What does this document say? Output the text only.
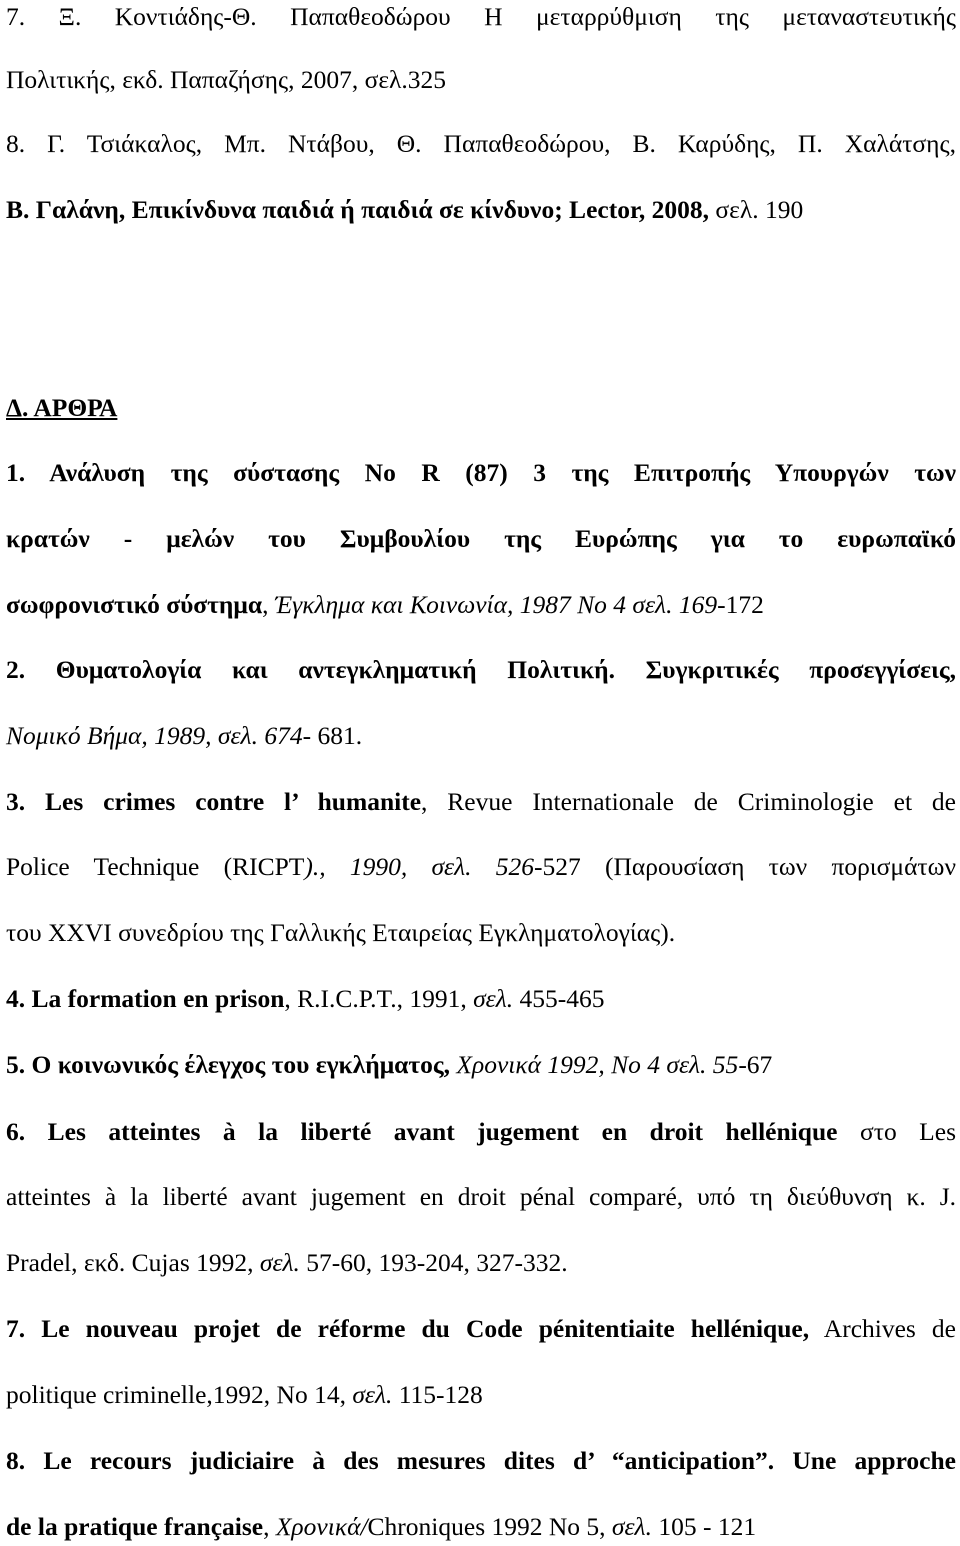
7. Ξ. Κοντιάδης-Θ. Παπαθεοδώρου Η μεταρρύθμιση της μεταναστευτικής
Πολιτικής, εκδ. Παπαζήσης, 2007, σελ.325
8. Γ. Τσιάκαλος, Μπ. Ντάβου, Θ. Παπαθεοδώρου, Β. Καρύδης, Π. Χαλάτσης,
Β. Γαλάνη, Επικίνδυνα παιδιά ή παιδιά σε κίνδυνο; Lector, 2008, σελ. 190
Δ. ΑΡΘΡΑ
1. Ανάλυση της σύστασης Νο R (87) 3 της Επιτροπής Υπουργών των
κρατών - μελών του Συμβουλίου της Ευρώπης για το ευρωπαϊκό
σωφρονιστικό σύστημα, Έγκλημα και Κοινωνία, 1987 Νο 4 σελ. 169-172
2. Θυματολογία και αντεγκληματική Πολιτική. Συγκριτικές προσεγγίσεις,
Νομικό Βήμα, 1989, σελ. 674- 681.
3. Les crimes contre l’ humanite, Revue Internationale de Criminologie et de
Police Technique (RICPT)., 1990, σελ. 526-527 (Παρουσίαση των πορισμάτων
του XXVI συνεδρίου της Γαλλικής Εταιρείας Εγκληματολογίας).
4. La formation en prison, R.I.C.P.T., 1991, σελ. 455-465
5. Ο κοινωνικός έλεγχος του εγκλήματος, Χρονικά 1992, Νο 4 σελ. 55-67
6. Les atteintes à la liberté avant jugement en droit hellénique στο Les
atteintes à la liberté avant jugement en droit pénal comparé, υπό τη διεύθυνση κ. J.
Pradel, εκδ. Cujas 1992, σελ. 57-60, 193-204, 327-332.
7. Le nouveau projet de réforme du Code pénitentiaite hellénique, Archives de
politique criminelle,1992, Νο 14, σελ. 115-128
8. Le recours judiciaire à des mesures dites d’ “anticipation”. Une approche
de la pratique française, Χρονικά/Chroniques 1992 Νο 5, σελ. 105 - 121
